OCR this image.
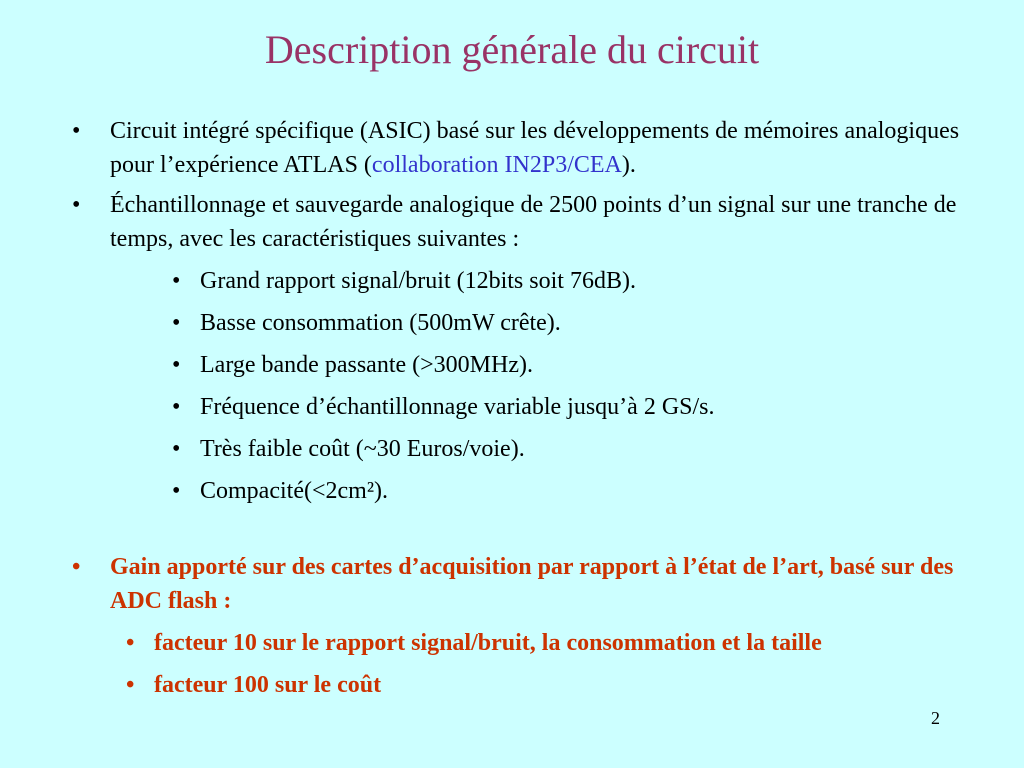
Description générale du circuit
• Circuit intégré spécifique (ASIC) basé sur les développements de mémoires analogiques pour l’expérience ATLAS (collaboration IN2P3/CEA).
• Échantillonnage et sauvegarde analogique de 2500 points d’un signal sur une tranche de temps, avec les caractéristiques suivantes :
• Grand rapport signal/bruit (12bits soit 76dB).
• Basse consommation (500mW crête).
• Large bande passante (>300MHz).
• Fréquence d’échantillonnage variable jusqu’à 2 GS/s.
• Très faible coût (~30 Euros/voie).
• Compacité(<2cm²).
• Gain apporté sur des cartes d’acquisition par rapport à l’état de l’art, basé sur des ADC flash :
• facteur 10 sur le rapport signal/bruit, la consommation et la taille
• facteur 100 sur le coût
2
